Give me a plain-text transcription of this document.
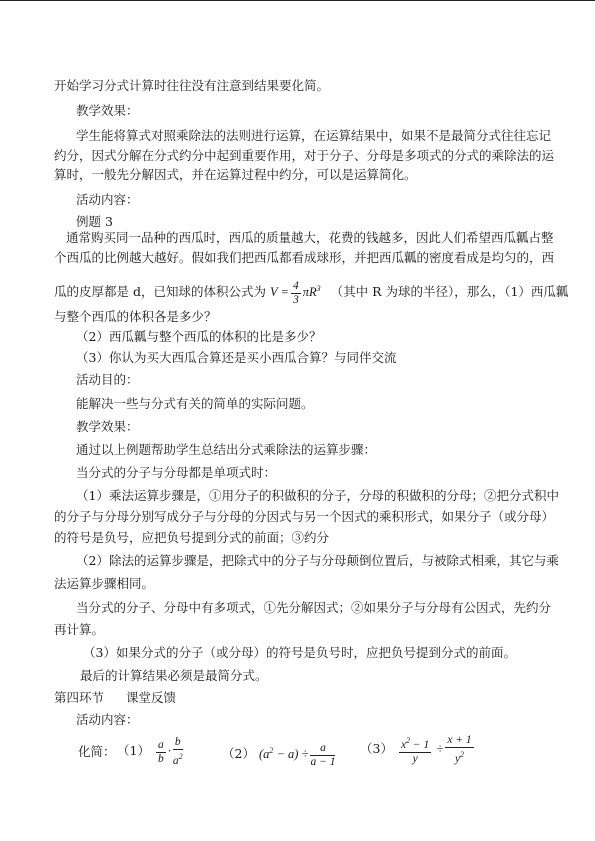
开始学习分式计算时往往没有注意到结果要化简。
教学效果：
学生能将算式对照乘除法的法则进行运算，在运算结果中，如果不是最简分式往往忘记
约分，因式分解在分式约分中起到重要作用，对于分子、分母是多项式的分式的乘除法的运
算时，一般先分解因式，并在运算过程中约分，可以是运算简化。
活动内容：
例题 3
通常购买同一品种的西瓜时，西瓜的质量越大，花费的钱越多，因此人们希望西瓜瓤占整
个西瓜的比例越大越好。假如我们把西瓜都看成球形，并把西瓜瓤的密度看成是均匀的，西
瓜的皮厚都是 d，已知球的体积公式为 $V = \frac{4}{3} \pi R^3$ （其中 R 为球的半径），那么，（1）西瓜瓤
与整个西瓜的体积各是多少？
（2）西瓜瓤与整个西瓜的体积的比是多少？
（3）你认为买大西瓜合算还是买小西瓜合算？与同伴交流
活动目的：
能解决一些与分式有关的简单的实际问题。
教学效果：
通过以上例题帮助学生总结出分式乘除法的运算步骤：
当分式的分子与分母都是单项式时：
（1）乘法运算步骤是，①用分子的积做积的分子，分母的积做积的分母；②把分式积中
的分子与分母分别写成分子与分母的分因式与另一个因式的乘积形式，如果分子（或分母）
的符号是负号，应把负号提到分式的前面；③约分
（2）除法的运算步骤是，把除式中的分子与分母颠倒位置后，与被除式相乘，其它与乘
法运算步骤相同。
当分式的分子、分母中有多项式，①先分解因式；②如果分子与分母有公因式，先约分
再计算。
（3）如果分式的分子（或分母）的符号是负号时，应把负号提到分式的前面。
最后的计算结果必须是最简分式。
第四环节 课堂反馈
活动内容：
化简： $(1) \frac{a}{b} \cdot \frac{b}{a^2}$	（2） $(a^2 - a) \div \frac{a}{a - 1} (3) \frac{x^2 - 1}{y} \div \frac{x + 1}{y^2}$
